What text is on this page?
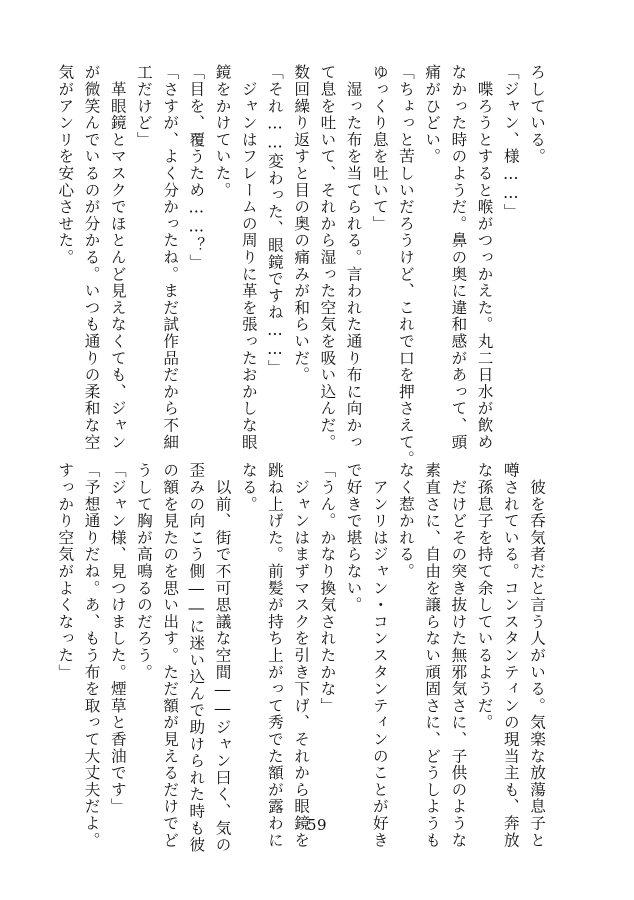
ろしている。
「ジャン、様……」
　喋ろうとすると喉がつっかえた。丸二日水が飲め
なかった時のようだ。鼻の奥に違和感があって、頭
痛がひどい。
「ちょっと苦しいだろうけど、これで口を押さえて。
ゆっくり息を吐いて」
　湿った布を当てられる。言われた通り布に向かっ
て息を吐いて、それから湿った空気を吸い込んだ。
数回繰り返すと目の奥の痛みが和らいだ。
「それ……変わった、眼鏡ですね……」
　ジャンはフレームの周りに革を張ったおかしな眼
鏡をかけていた。
「目を、覆うため……？」
「さすが、よく分かったね。まだ試作品だから不細
工だけど」
　革眼鏡とマスクでほとんど見えなくても、ジャン
が微笑んでいるのが分かる。いつも通りの柔和な空
気がアンリを安心させた。
　彼を呑気者だと言う人がいる。気楽な放蕩息子と
噂されている。コンスタンティンの現当主も、奔放
な孫息子を持て余しているようだ。
　だけどその突き抜けた無邪気さに、子供のような
素直さに、自由を譲らない頑固さに、どうしようも
なく惹かれる。
　アンリはジャン・コンスタンティンのことが好き
で好きで堪らない。
「うん。かなり換気されたかな」
　ジャンはまずマスクを引き下げ、それから眼鏡を
跳ね上げた。前髪が持ち上がって秀でた額が露わに
なる。
　以前、街で不可思議な空間――ジャン曰く、気の
歪みの向こう側――に迷い込んで助けられた時も彼
の額を見たのを思い出す。ただ額が見えるだけでど
うして胸が高鳴るのだろう。
「ジャン様、見つけました。煙草と香油です」
「予想通りだね。あ、もう布を取って大丈夫だよ。
すっかり空気がよくなった」
59
